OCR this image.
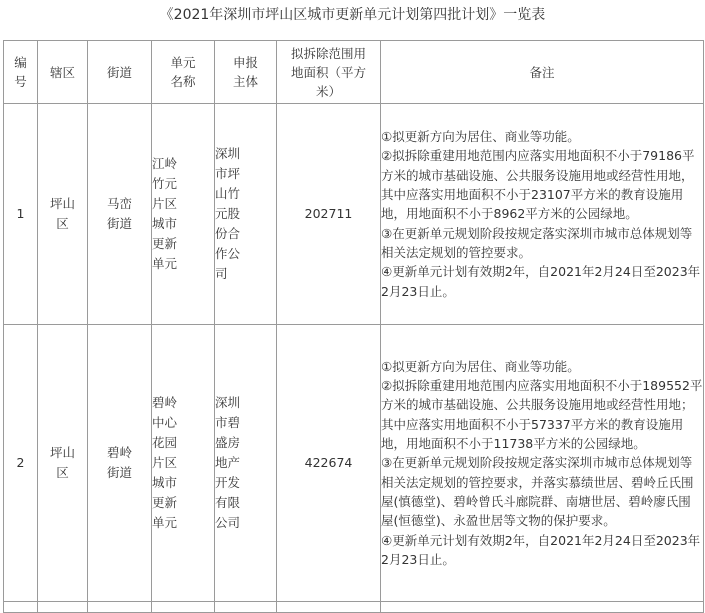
《2021年深圳市坪山区城市更新单元计划第四批计划》一览表
编号	辖区	街道	单元名称	申报主体	拟拆除范围用地面积（平方米）	备注
1	坪山区	马峦街道	江岭竹元片区城市更新单元	深圳市坪山竹元股份合作公司	202711	①拟更新方向为居住、商业等功能。
②拟拆除重建用地范围内应落实用地面积不小于79186平方米的城市基础设施、公共服务设施用地或经营性用地，其中应落实用地面积不小于23107平方米的教育设施用地，用地面积不小于8962平方米的公园绿地。
③在更新单元规划阶段按规定落实深圳市城市总体规划等相关法定规划的管控要求。
④更新单元计划有效期2年，自2021年2月24日至2023年2月23日止。

2	坪山区	碧岭街道	碧岭中心花园片区城市更新单元	深圳市碧盛房地产开发有限公司	422674	①拟更新方向为居住、商业等功能。
②拟拆除重建用地范围内应落实用地面积不小于189552平方米的城市基础设施、公共服务设施用地或经营性用地；其中应落实用地面积不小于57337平方米的教育设施用地，用地面积不小于11738平方米的公园绿地。
③在更新单元规划阶段按规定落实深圳市城市总体规划等相关法定规划的管控要求，并落实慕绩世居、碧岭丘氏围屋(慎德堂)、碧岭曾氏斗廊院群、南塘世居、碧岭廖氏围屋(恒德堂)、永盈世居等文物的保护要求。
④更新单元计划有效期2年，自2021年2月24日至2023年2月23日止。
